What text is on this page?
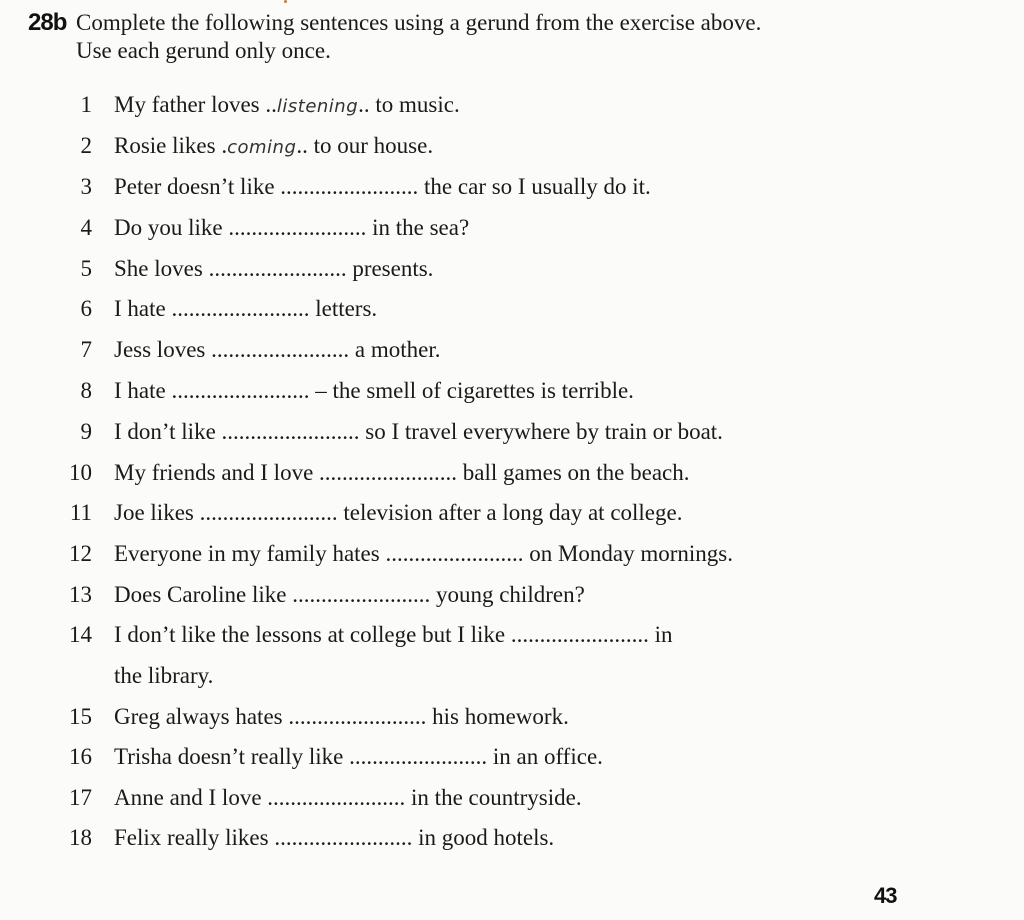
28b Complete the following sentences using a gerund from the exercise above.
Use each gerund only once.
1 My father loves ..listening.. to music.
2 Rosie likes .coming.. to our house.
3 Peter doesn’t like ........................ the car so I usually do it.
4 Do you like ........................ in the sea?
5 She loves ........................ presents.
6 I hate ........................ letters.
7 Jess loves ........................ a mother.
8 I hate ........................ – the smell of cigarettes is terrible.
9 I don’t like ........................ so I travel everywhere by train or boat.
10 My friends and I love ........................ ball games on the beach.
11 Joe likes ........................ television after a long day at college.
12 Everyone in my family hates ........................ on Monday mornings.
13 Does Caroline like ........................ young children?
14 I don’t like the lessons at college but I like ........................ in
the library.
15 Greg always hates ........................ his homework.
16 Trisha doesn’t really like ........................ in an office.
17 Anne and I love ........................ in the countryside.
18 Felix really likes ........................ in good hotels.
43
